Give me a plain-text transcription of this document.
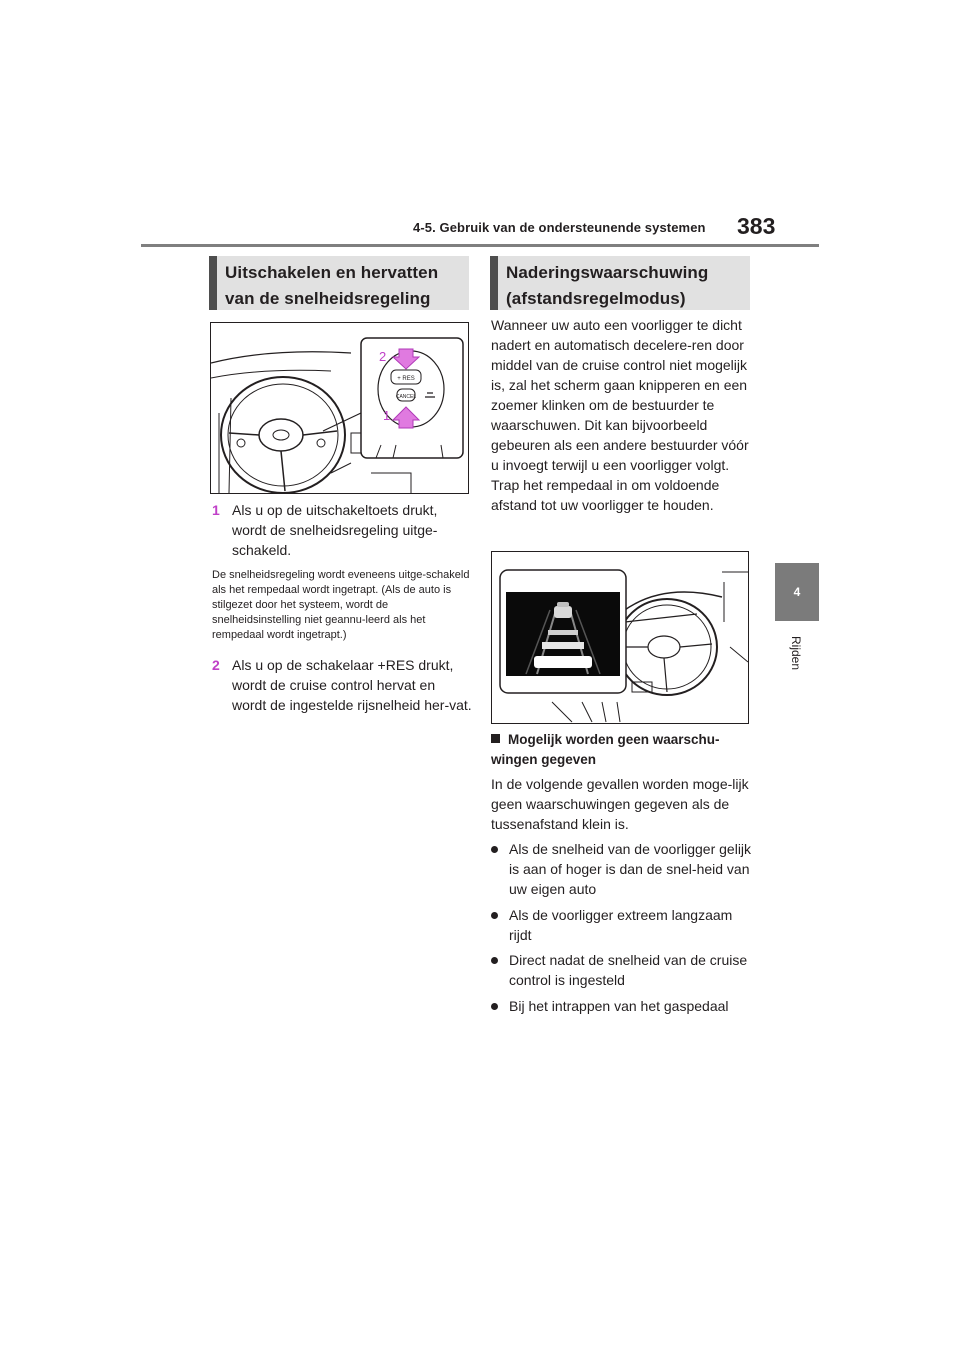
4-5. Gebruik van de ondersteunende systemen 383
4
Rijden
Uitschakelen en hervatten van de snelheidsregeling
+ RES
CANCEL
2
1
1 Als u op de uitschakeltoets drukt, wordt de snelheidsregeling uitge-schakeld.
De snelheidsregeling wordt eveneens uitge-schakeld als het rempedaal wordt ingetrapt. (Als de auto is stilgezet door het systeem, wordt de snelheidsinstelling niet geannu-leerd als het rempedaal wordt ingetrapt.)
2 Als u op de schakelaar +RES drukt, wordt de cruise control hervat en wordt de ingestelde rijsnelheid her-vat.
Naderingswaarschuwing (afstandsregelmodus)
Wanneer uw auto een voorligger te dicht nadert en automatisch decelere-ren door middel van de cruise control niet mogelijk is, zal het scherm gaan knipperen en een zoemer klinken om de bestuurder te waarschuwen. Dit kan bijvoorbeeld gebeuren als een andere bestuurder vóór u invoegt terwijl u een voorligger volgt. Trap het rempedaal in om voldoende afstand tot uw voorligger te houden.
Mogelijk worden geen waarschu-wingen gegeven
In de volgende gevallen worden moge-lijk geen waarschuwingen gegeven als de tussenafstand klein is.
Als de snelheid van de voorligger gelijk is aan of hoger is dan de snel-heid van uw eigen auto
Als de voorligger extreem langzaam rijdt
Direct nadat de snelheid van de cruise control is ingesteld
Bij het intrappen van het gaspedaal
